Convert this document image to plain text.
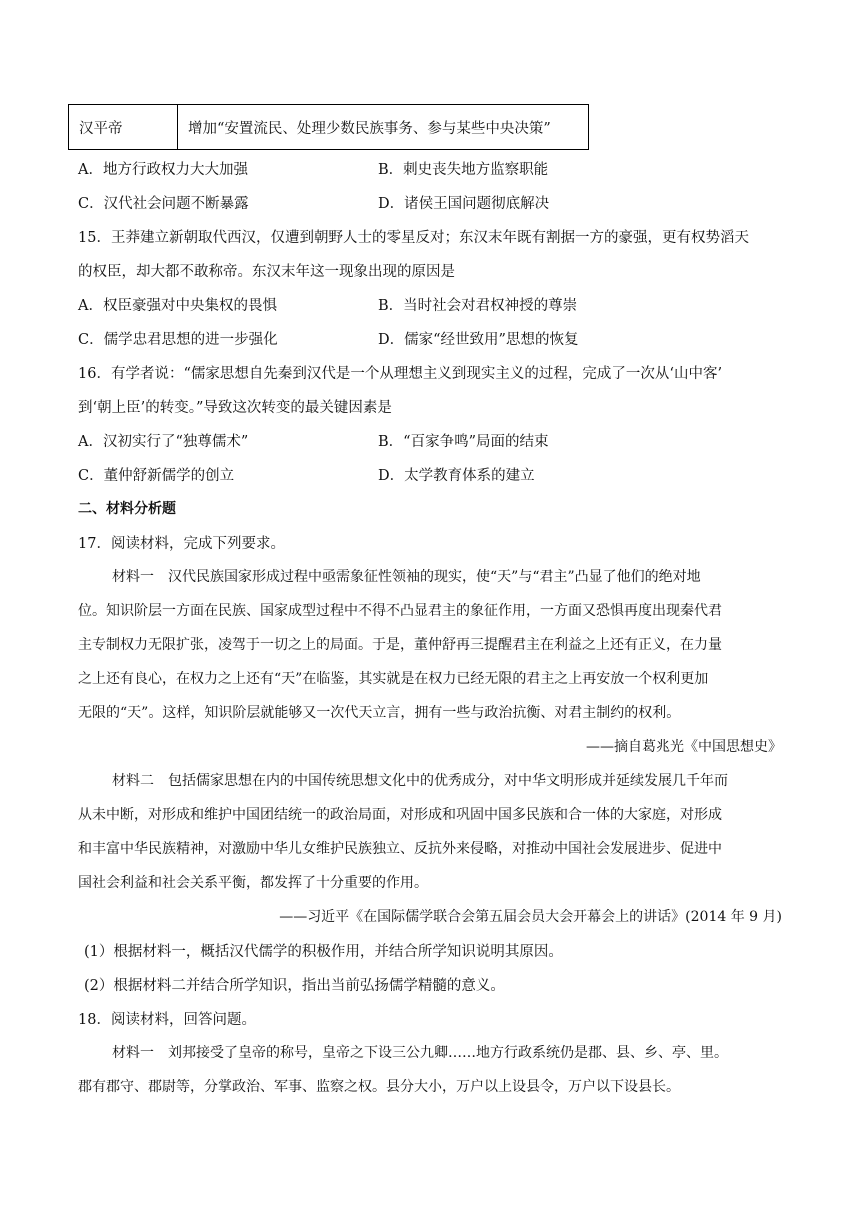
汉平帝	增加“安置流民、处理少数民族事务、参与某些中央决策”
A．地方行政权力大大加强	B．刺史丧失地方监察职能
C．汉代社会问题不断暴露	D．诸侯王国问题彻底解决
15．王莽建立新朝取代西汉，仅遭到朝野人士的零星反对；东汉末年既有割据一方的豪强，更有权势滔天
的权臣，却大都不敢称帝。东汉末年这一现象出现的原因是
A．权臣豪强对中央集权的畏惧	B．当时社会对君权神授的尊崇
C．儒学忠君思想的进一步强化	D．儒家“经世致用”思想的恢复
16．有学者说：“儒家思想自先秦到汉代是一个从理想主义到现实主义的过程，完成了一次从‘山中客’
到‘朝上臣’的转变。”导致这次转变的最关键因素是
A．汉初实行了“独尊儒术”	B．“百家争鸣”局面的结束
C．董仲舒新儒学的创立	D．太学教育体系的建立
二、材料分析题
17．阅读材料，完成下列要求。
材料一　汉代民族国家形成过程中亟需象征性领袖的现实，使“天”与“君主”凸显了他们的绝对地
位。知识阶层一方面在民族、国家成型过程中不得不凸显君主的象征作用，一方面又恐惧再度出现秦代君
主专制权力无限扩张，凌驾于一切之上的局面。于是，董仲舒再三提醒君主在利益之上还有正义，在力量
之上还有良心，在权力之上还有“天”在临鉴，其实就是在权力已经无限的君主之上再安放一个权利更加
无限的“天”。这样，知识阶层就能够又一次代天立言，拥有一些与政治抗衡、对君主制约的权利。
——摘自葛兆光《中国思想史》
材料二　包括儒家思想在内的中国传统思想文化中的优秀成分，对中华文明形成并延续发展几千年而
从未中断，对形成和维护中国团结统一的政治局面，对形成和巩固中国多民族和合一体的大家庭，对形成
和丰富中华民族精神，对激励中华儿女维护民族独立、反抗外来侵略，对推动中国社会发展进步、促进中
国社会利益和社会关系平衡，都发挥了十分重要的作用。
——习近平《在国际儒学联合会第五届会员大会开幕会上的讲话》(2014 年 9 月)
(1）根据材料一，概括汉代儒学的积极作用，并结合所学知识说明其原因。
(2）根据材料二并结合所学知识，指出当前弘扬儒学精髓的意义。
18．阅读材料，回答问题。
材料一　刘邦接受了皇帝的称号，皇帝之下设三公九卿……地方行政系统仍是郡、县、乡、亭、里。
郡有郡守、郡尉等，分掌政治、军事、监察之权。县分大小，万户以上设县令，万户以下设县长。
